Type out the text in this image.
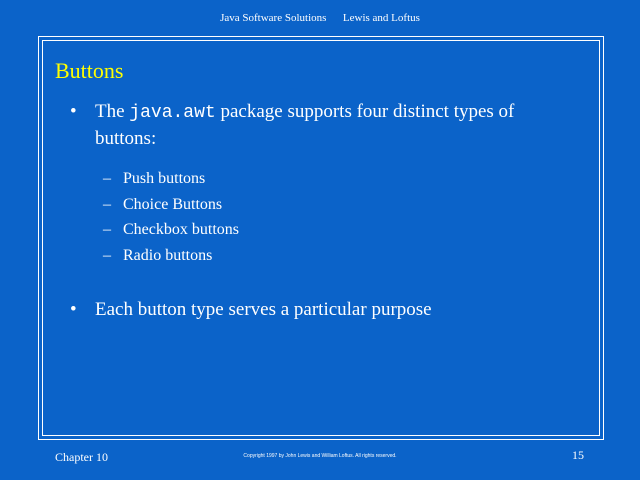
Java Software Solutions Lewis and Loftus
Buttons
• The java.awt package supports four distinct types of
buttons:
– Push buttons
– Choice Buttons
– Checkbox buttons
– Radio buttons
• Each button type serves a particular purpose
Chapter 10	Copyright 1997 by John Lewis and William Loftus. All rights reserved.	15
